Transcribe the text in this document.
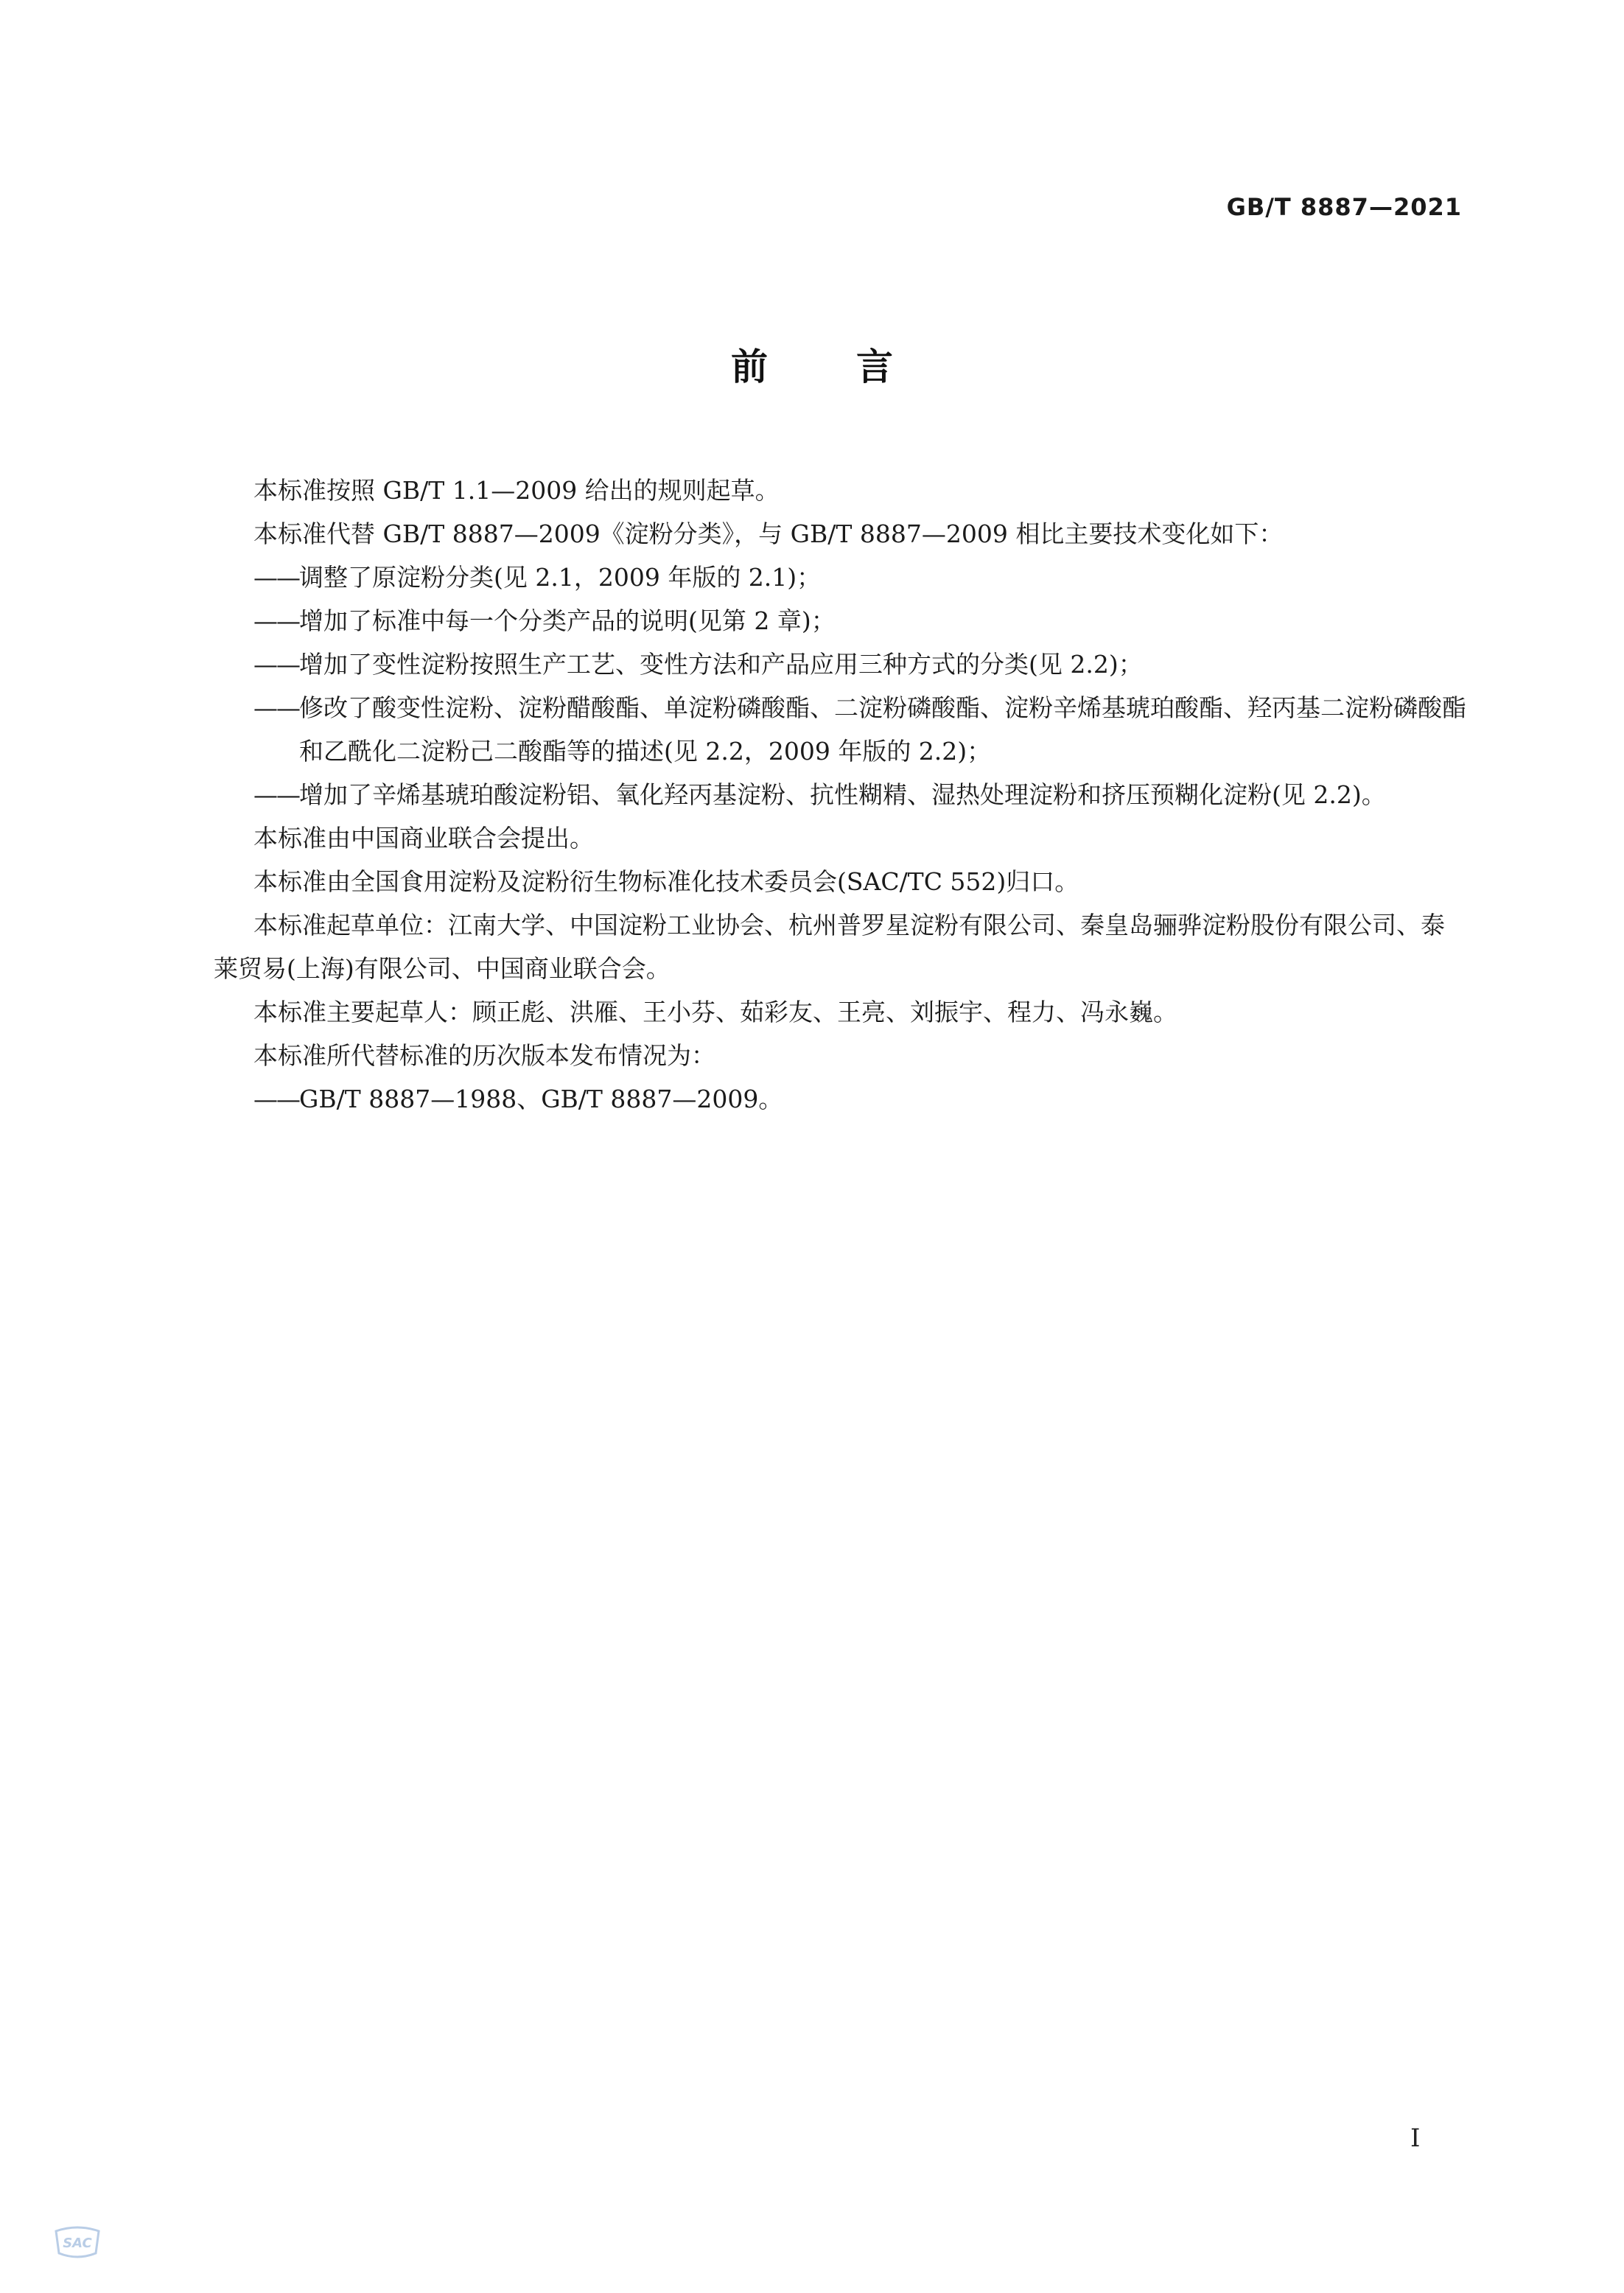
GB/T 8887—2021
前言

本标准按照 GB/T 1.1—2009 给出的规则起草。

本标准代替 GB/T 8887—2009《淀粉分类》，与 GB/T 8887—2009 相比主要技术变化如下：

—— 调整了原淀粉分类(见 2.1，2009 年版的 2.1)；
—— 增加了标准中每一个分类产品的说明(见第 2 章)；
—— 增加了变性淀粉按照生产工艺、变性方法和产品应用三种方式的分类(见 2.2)；
—— 修改了酸变性淀粉、淀粉醋酸酯、单淀粉磷酸酯、二淀粉磷酸酯、淀粉辛烯基琥珀酸酯、羟丙基二淀粉磷酸酯和乙酰化二淀粉己二酸酯等的描述(见 2.2，2009 年版的 2.2)；
—— 增加了辛烯基琥珀酸淀粉铝、氧化羟丙基淀粉、抗性糊精、湿热处理淀粉和挤压预糊化淀粉(见 2.2)。

本标准由中国商业联合会提出。

本标准由全国食用淀粉及淀粉衍生物标准化技术委员会(SAC/TC 552)归口。

本标准起草单位：江南大学、中国淀粉工业协会、杭州普罗星淀粉有限公司、秦皇岛骊骅淀粉股份有限公司、泰莱贸易(上海)有限公司、中国商业联合会。

本标准主要起草人：顾正彪、洪雁、王小芬、茹彩友、王亮、刘振宇、程力、冯永巍。

本标准所代替标准的历次版本发布情况为：

—— GB/T 8887—1988、GB/T 8887—2009。
I
SAC
